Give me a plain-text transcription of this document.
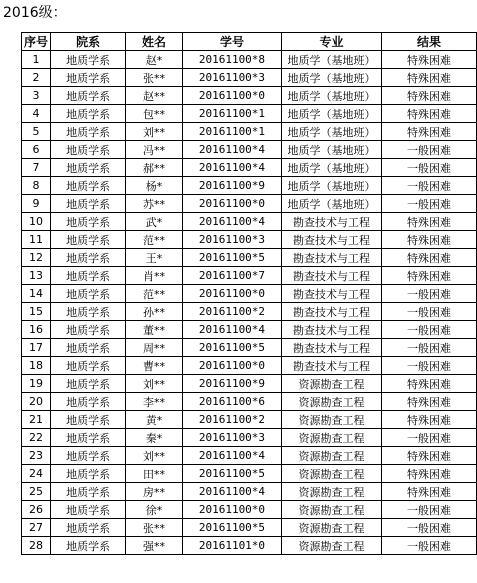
2016级：
序号	院系	姓名	学号	专业	结果
1	地质学系	赵*	20161100*8	地质学（基地班）	特殊困难
2	地质学系	张**	20161100*3	地质学（基地班）	特殊困难
3	地质学系	赵**	20161100*0	地质学（基地班）	特殊困难
4	地质学系	包**	20161100*1	地质学（基地班）	特殊困难
5	地质学系	刘**	20161100*1	地质学（基地班）	特殊困难
6	地质学系	冯**	20161100*4	地质学（基地班）	一般困难
7	地质学系	郝**	20161100*4	地质学（基地班）	一般困难
8	地质学系	杨*	20161100*9	地质学（基地班）	一般困难
9	地质学系	苏**	20161100*0	地质学（基地班）	一般困难
10	地质学系	武*	20161100*4	勘查技术与工程	特殊困难
11	地质学系	范**	20161100*3	勘查技术与工程	特殊困难
12	地质学系	王*	20161100*5	勘查技术与工程	特殊困难
13	地质学系	肖**	20161100*7	勘查技术与工程	特殊困难
14	地质学系	范**	20161100*0	勘查技术与工程	一般困难
15	地质学系	孙**	20161100*2	勘查技术与工程	一般困难
16	地质学系	董**	20161100*4	勘查技术与工程	一般困难
17	地质学系	周**	20161100*5	勘查技术与工程	一般困难
18	地质学系	曹**	20161100*0	勘查技术与工程	一般困难
19	地质学系	刘**	20161100*9	资源勘查工程	特殊困难
20	地质学系	李**	20161100*6	资源勘查工程	特殊困难
21	地质学系	黄*	20161100*2	资源勘查工程	特殊困难
22	地质学系	秦*	20161100*3	资源勘查工程	一般困难
23	地质学系	刘**	20161100*4	资源勘查工程	特殊困难
24	地质学系	田**	20161100*5	资源勘查工程	特殊困难
25	地质学系	房**	20161100*4	资源勘查工程	特殊困难
26	地质学系	徐*	20161100*0	资源勘查工程	一般困难
27	地质学系	张**	20161100*5	资源勘查工程	一般困难
28	地质学系	强**	20161101*0	资源勘查工程	一般困难
